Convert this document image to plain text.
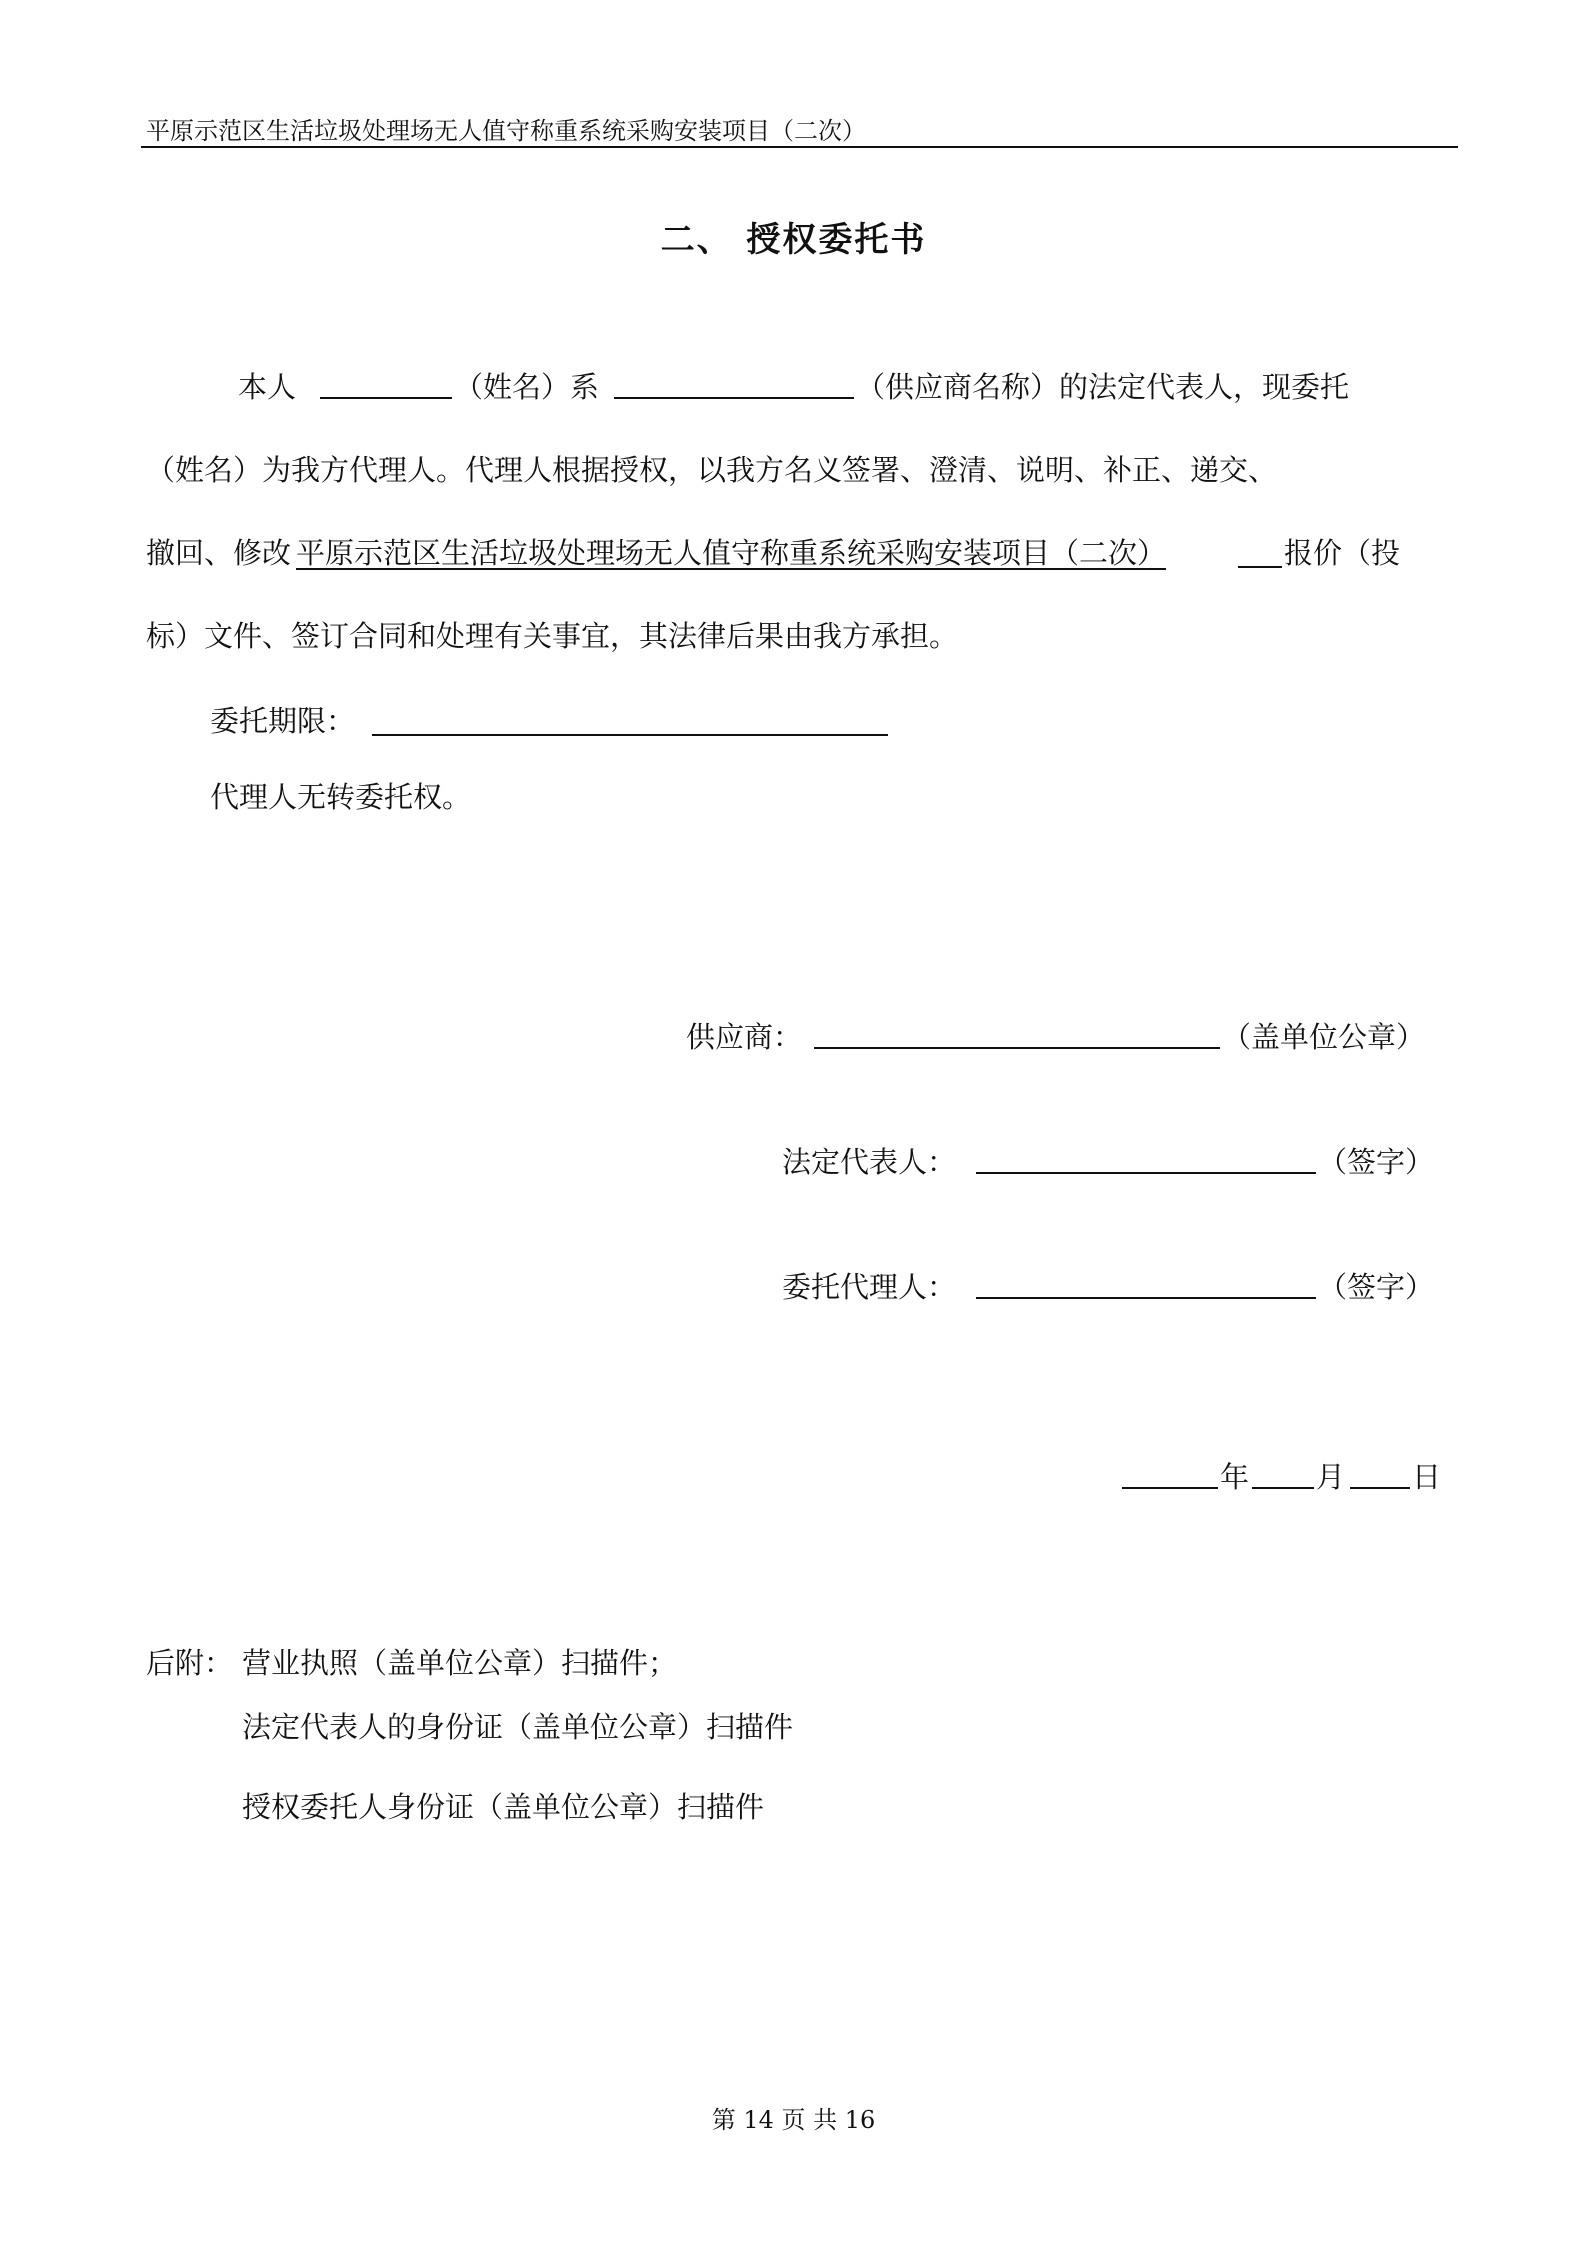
平原示范区生活垃圾处理场无人值守称重系统采购安装项目（二次）
二、 授权委托书
本人	（姓名）系	（供应商名称）的法定代表人，现委托
（姓名）为我方代理人。代理人根据授权，以我方名义签署、澄清、说明、补正、递交、
撤回、修改 平原示范区生活垃圾处理场无人值守称重系统采购安装项目（二次）	报价（投
标）文件、签订合同和处理有关事宜，其法律后果由我方承担。
委托期限：
代理人无转委托权。
供应商：	（盖单位公章）
法定代表人：	（签字）
委托代理人：	（签字）
年 月 日
后附： 营业执照（盖单位公章）扫描件；
法定代表人的身份证（盖单位公章）扫描件
授权委托人身份证（盖单位公章）扫描件
第 14 页 共 16
